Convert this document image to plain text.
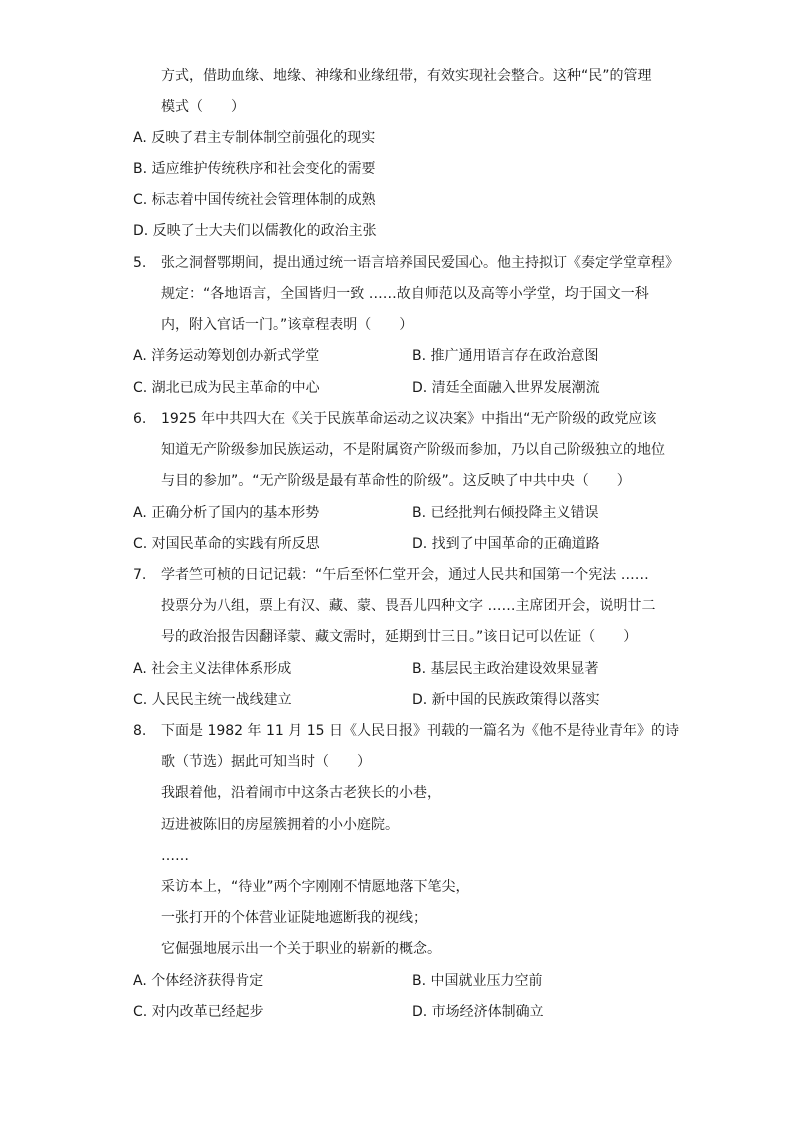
方式，借助血缘、地缘、神缘和业缘纽带，有效实现社会整合。这种“民”的管理
模式（　　）
A. 反映了君主专制体制空前强化的现实
B. 适应维护传统秩序和社会变化的需要
C. 标志着中国传统社会管理体制的成熟
D. 反映了士大夫们以儒教化的政治主张
5. 张之洞督鄂期间，提出通过统一语言培养国民爱国心。他主持拟订《奏定学堂章程》
规定：“各地语言，全国皆归一致 ……故自师范以及高等小学堂，均于国文一科
内，附入官话一门。”该章程表明（　　）
A. 洋务运动筹划创办新式学堂	B. 推广通用语言存在政治意图
C. 湖北已成为民主革命的中心	D. 清廷全面融入世界发展潮流
6. 1925 年中共四大在《关于民族革命运动之议决案》中指出“无产阶级的政党应该
知道无产阶级参加民族运动，不是附属资产阶级而参加，乃以自己阶级独立的地位
与目的参加”。“无产阶级是最有革命性的阶级”。这反映了中共中央（　　）
A. 正确分析了国内的基本形势	B. 已经批判右倾投降主义错误
C. 对国民革命的实践有所反思	D. 找到了中国革命的正确道路
7. 学者竺可桢的日记记载：“午后至怀仁堂开会，通过人民共和国第一个宪法 ……
投票分为八组，票上有汉、藏、蒙、畏吾儿四种文字 ……主席团开会，说明廿二
号的政治报告因翻译蒙、藏文需时，延期到廿三日。”该日记可以佐证（　　）
A. 社会主义法律体系形成	B. 基层民主政治建设效果显著
C. 人民民主统一战线建立	D. 新中国的民族政策得以落实
8. 下面是 1982 年 11 月 15 日《人民日报》刊载的一篇名为《他不是待业青年》的诗
歌（节选）据此可知当时（　　）
我跟着他，沿着闹市中这条古老狭长的小巷，
迈进被陈旧的房屋簇拥着的小小庭院。
……
采访本上，“待业”两个字刚刚不情愿地落下笔尖，
一张打开的个体营业证陡地遮断我的视线；
它倔强地展示出一个关于职业的崭新的概念。
A. 个体经济获得肯定	B. 中国就业压力空前
C. 对内改革已经起步	D. 市场经济体制确立
